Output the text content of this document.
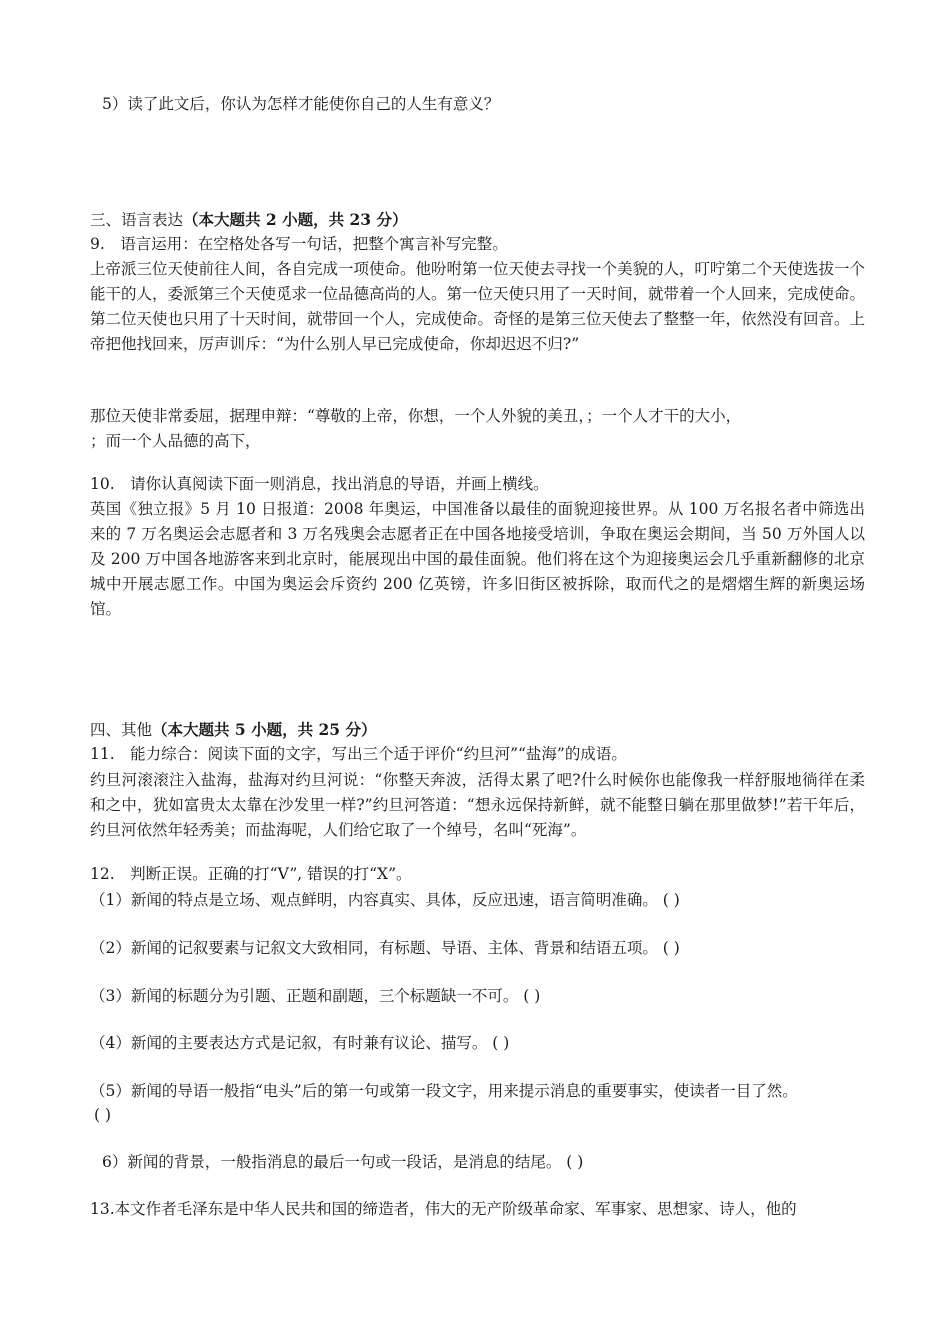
5）读了此文后，你认为怎样才能使你自己的人生有意义？
三、语言表达（本大题共 2 小题，共 23 分）
9.　语言运用：在空格处各写一句话，把整个寓言补写完整。
上帝派三位天使前往人间，各自完成一项使命。他吩咐第一位天使去寻找一个美貌的人，叮咛第二个天使选拔一个能干的人，委派第三个天使觅求一位品德高尚的人。第一位天使只用了一天时间，就带着一个人回来，完成使命。第二位天使也只用了十天时间，就带回一个人，完成使命。奇怪的是第三位天使去了整整一年，依然没有回音。上帝把他找回来，厉声训斥：“为什么别人早已完成使命，你却迟迟不归?”
那位天使非常委屈，据理申辩：“尊敬的上帝，你想，一个人外貌的美丑，；一个人才干的大小，
；而一个人品德的高下，
10.　请你认真阅读下面一则消息，找出消息的导语，并画上横线。
英国《独立报》5 月 10 日报道：2008 年奥运，中国准备以最佳的面貌迎接世界。从 100 万名报名者中筛选出来的 7 万名奥运会志愿者和 3 万名残奥会志愿者正在中国各地接受培训，争取在奥运会期间，当 50 万外国人以及 200 万中国各地游客来到北京时，能展现出中国的最佳面貌。他们将在这个为迎接奥运会几乎重新翻修的北京城中开展志愿工作。中国为奥运会斥资约 200 亿英镑，许多旧街区被拆除，取而代之的是熠熠生辉的新奥运场馆。
四、其他（本大题共 5 小题，共 25 分）
11.　能力综合：阅读下面的文字，写出三个适于评价“约旦河”“盐海”的成语。
约旦河滚滚注入盐海，盐海对约旦河说：“你整天奔波，活得太累了吧?什么时候你也能像我一样舒服地徜徉在柔和之中，犹如富贵太太靠在沙发里一样?”约旦河答道：“想永远保持新鲜，就不能整日躺在那里做梦!”若干年后，约旦河依然年轻秀美；而盐海呢，人们给它取了一个绰号，名叫“死海”。
12.　判断正误。正确的打“V”, 错误的打“X”。
（1）新闻的特点是立场、观点鲜明，内容真实、具体，反应迅速，语言简明准确。 ( )
（2）新闻的记叙要素与记叙文大致相同，有标题、导语、主体、背景和结语五项。 ( )
（3）新闻的标题分为引题、正题和副题，三个标题缺一不可。 ( )
（4）新闻的主要表达方式是记叙，有时兼有议论、描写。 ( )
（5）新闻的导语一般指“电头”后的第一句或第一段文字，用来提示消息的重要事实，使读者一目了然。
( )
6）新闻的背景，一般指消息的最后一句或一段话，是消息的结尾。 ( )
13.本文作者毛泽东是中华人民共和国的缔造者，伟大的无产阶级革命家、军事家、思想家、诗人，他的
